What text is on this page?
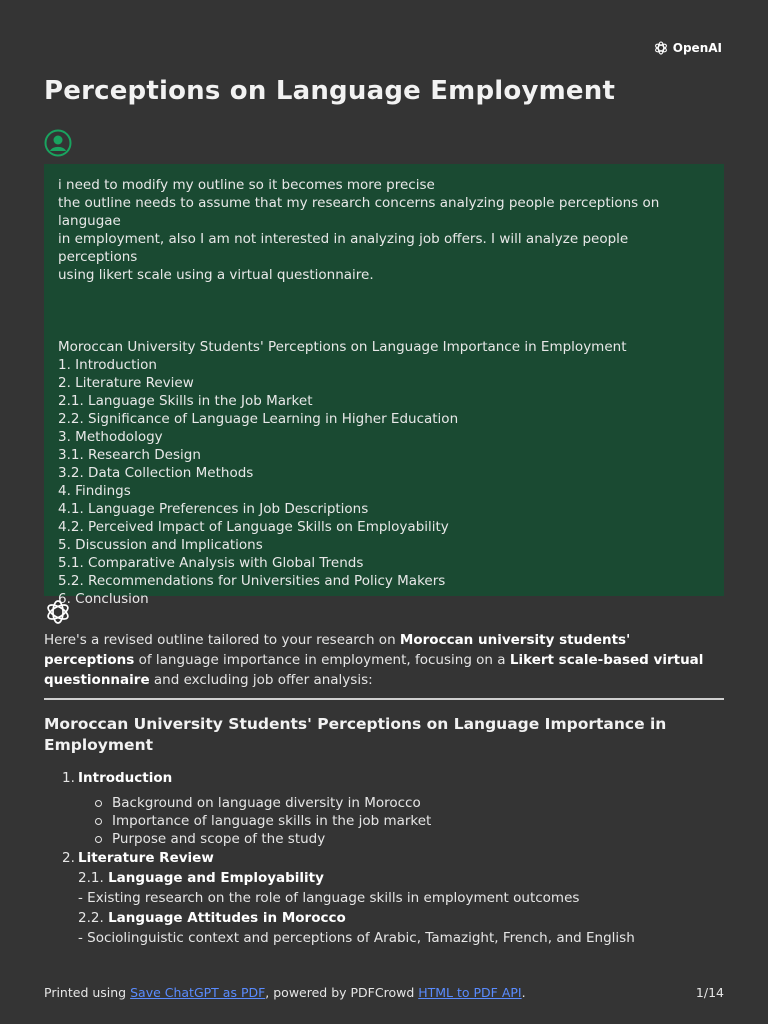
OpenAI
Perceptions on Language Employment
i need to modify my outline so it becomes more precise
the outline needs to assume that my research concerns analyzing people perceptions on langugae
in employment, also I am not interested in analyzing job offers. I will analyze people perceptions
using likert scale using a virtual questionnaire.
Moroccan University Students' Perceptions on Language Importance in Employment
1. Introduction
2. Literature Review
2.1. Language Skills in the Job Market
2.2. Significance of Language Learning in Higher Education
3. Methodology
3.1. Research Design
3.2. Data Collection Methods
4. Findings
4.1. Language Preferences in Job Descriptions
4.2. Perceived Impact of Language Skills on Employability
5. Discussion and Implications
5.1. Comparative Analysis with Global Trends
5.2. Recommendations for Universities and Policy Makers
6. Conclusion
Here's a revised outline tailored to your research on Moroccan university students' perceptions of language importance in employment, focusing on a Likert scale-based virtual questionnaire and excluding job offer analysis:
Moroccan University Students' Perceptions on Language Importance in Employment
1. Introduction
Background on language diversity in Morocco
Importance of language skills in the job market
Purpose and scope of the study
2. Literature Review
2.1. Language and Employability
- Existing research on the role of language skills in employment outcomes
2.2. Language Attitudes in Morocco
- Sociolinguistic context and perceptions of Arabic, Tamazight, French, and English
Printed using Save ChatGPT as PDF, powered by PDFCrowd HTML to PDF API.	1/14
